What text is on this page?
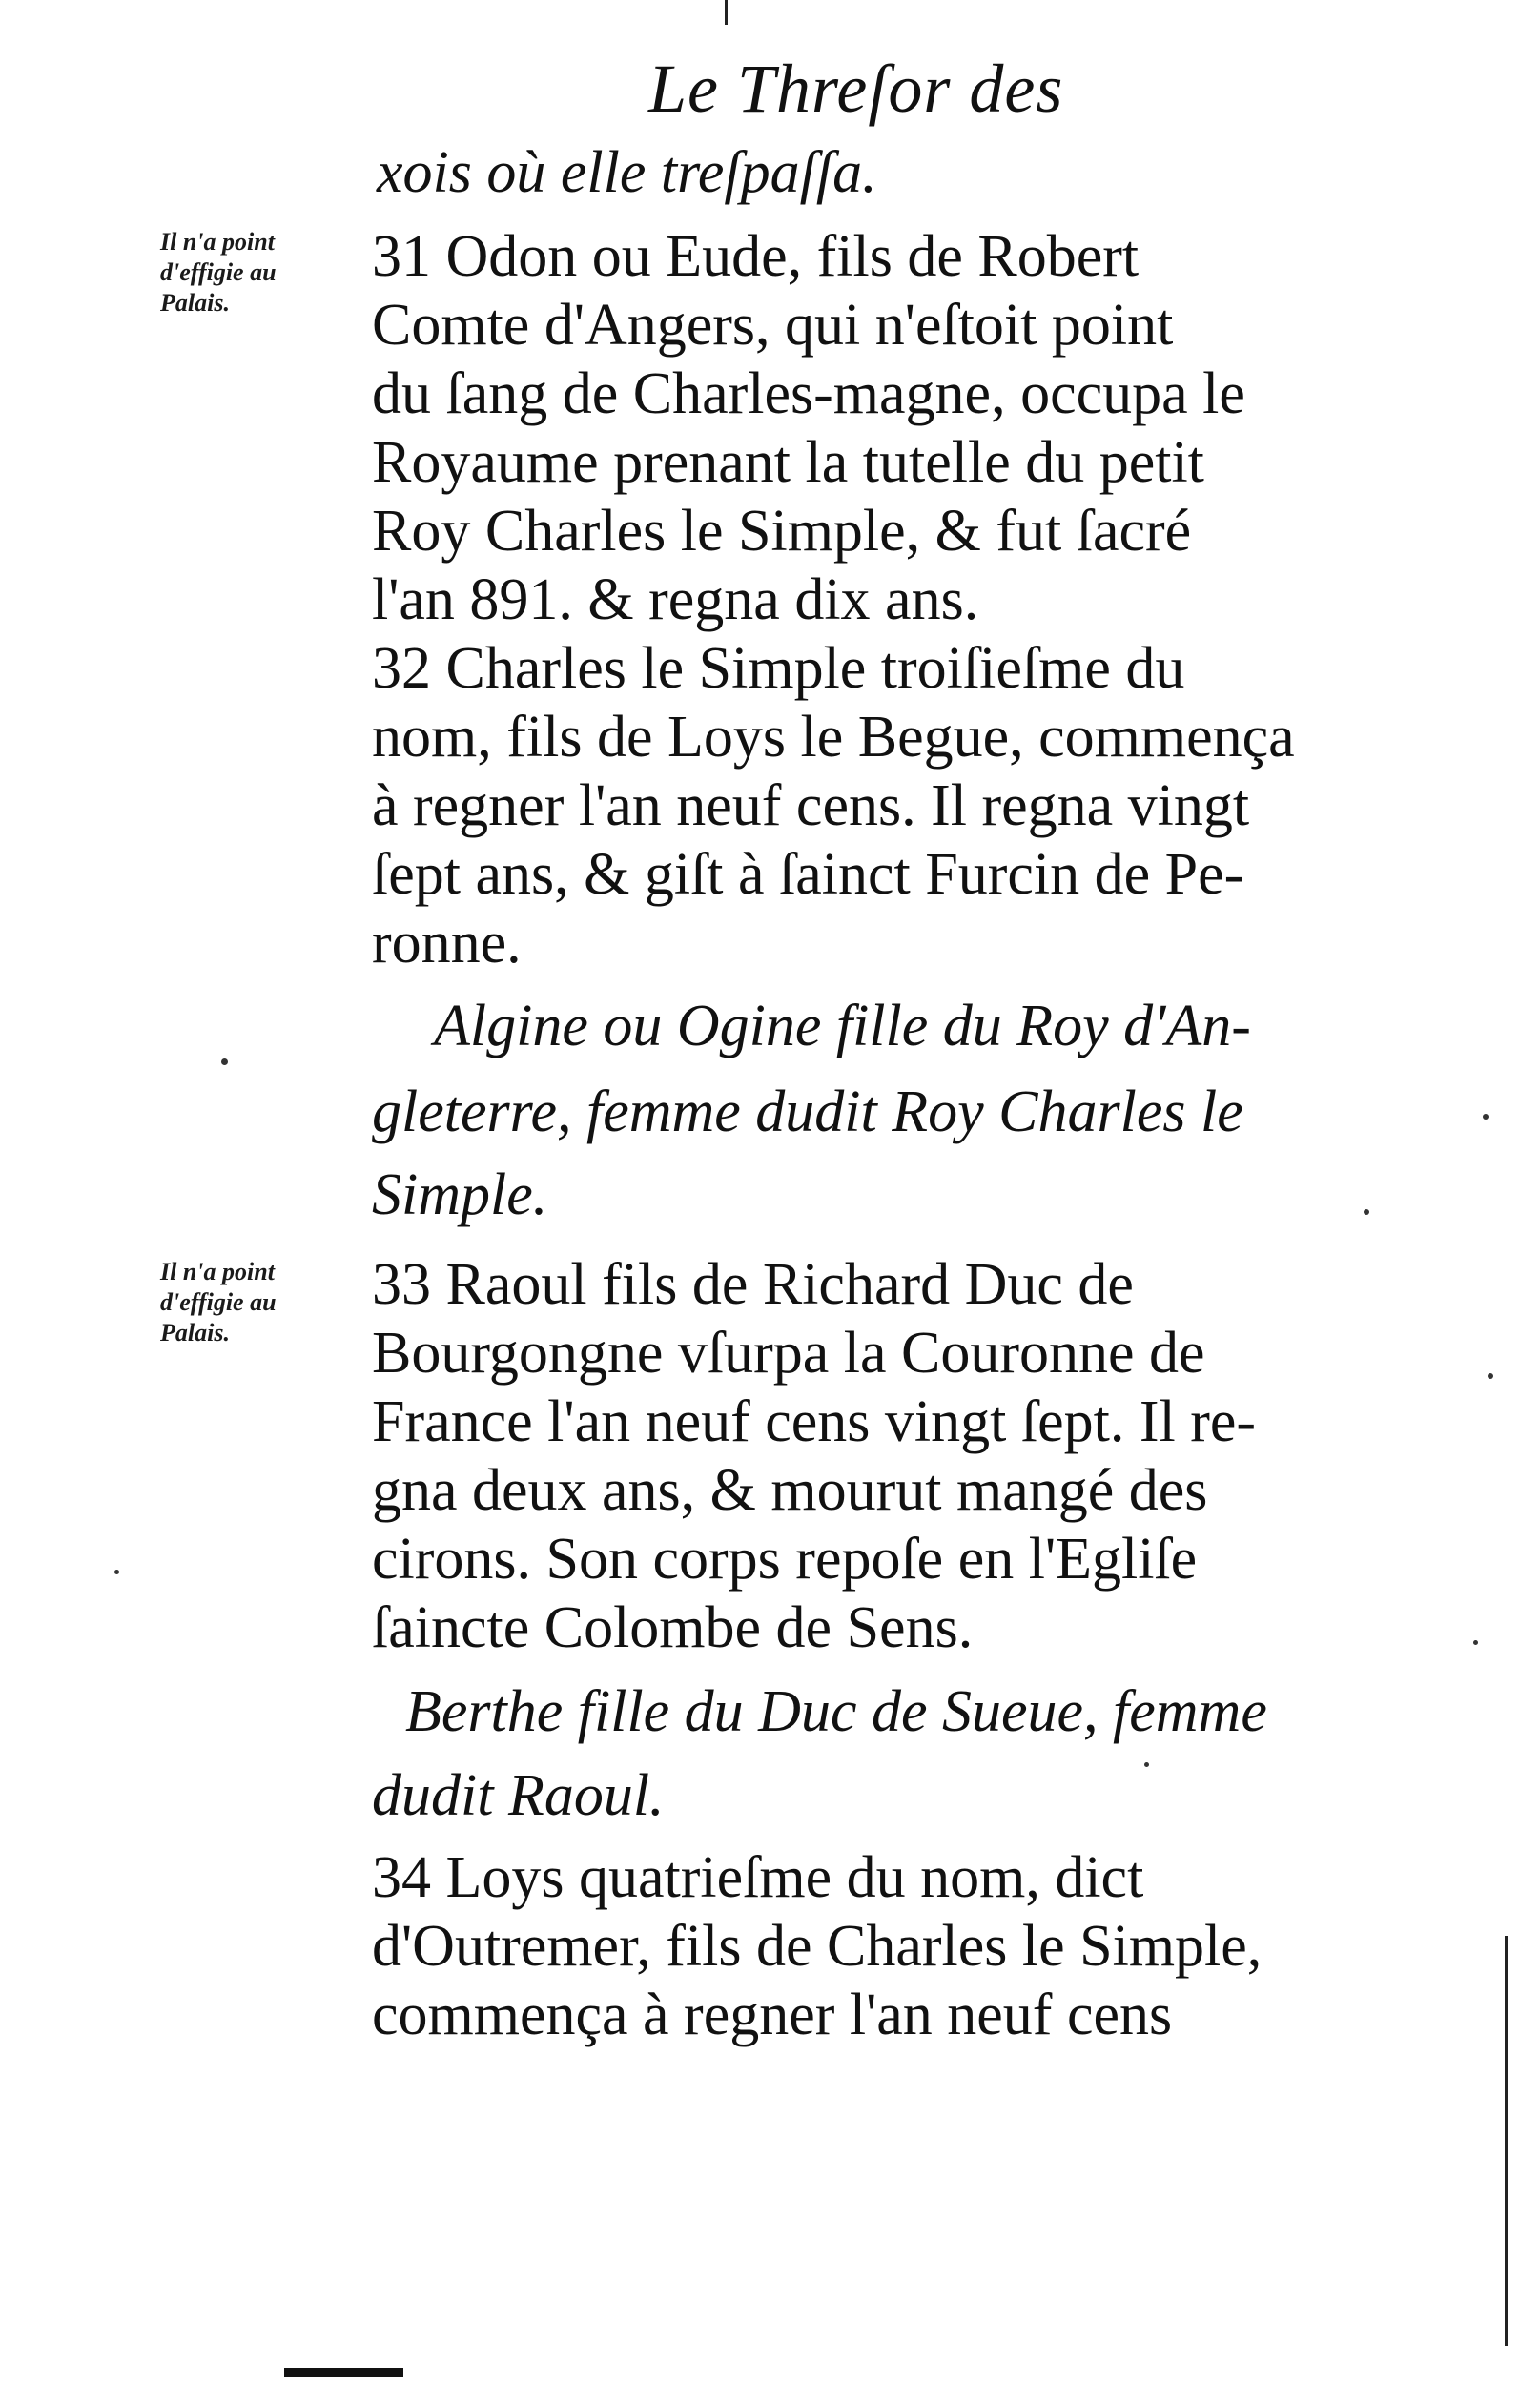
Le Threſor des
Il n'a point
d'effigie au
Palais.
Il n'a point
d'effigie au
Palais.
xois où elle treſpaſſa.
31 Odon ou Eude, fils de Robert
Comte d'Angers, qui n'eſtoit point
du ſang de Charles-magne, occupa le
Royaume prenant la tutelle du petit
Roy Charles le Simple, & fut ſacré
l'an 891. & regna dix ans.
32 Charles le Simple troiſieſme du
nom, fils de Loys le Begue, commença
à regner l'an neuf cens. Il regna vingt
ſept ans, & giſt à ſainct Furcin de Pe-
ronne.
Algine ou Ogine fille du Roy d'An-
gleterre, femme dudit Roy Charles le
Simple.
33 Raoul fils de Richard Duc de
Bourgongne vſurpa la Couronne de
France l'an neuf cens vingt ſept. Il re-
gna deux ans, & mourut mangé des
cirons. Son corps repoſe en l'Egliſe
ſaincte Colombe de Sens.
Berthe fille du Duc de Sueue, femme
dudit Raoul.
34 Loys quatrieſme du nom, dict
d'Outremer, fils de Charles le Simple,
commença à regner l'an neuf cens
